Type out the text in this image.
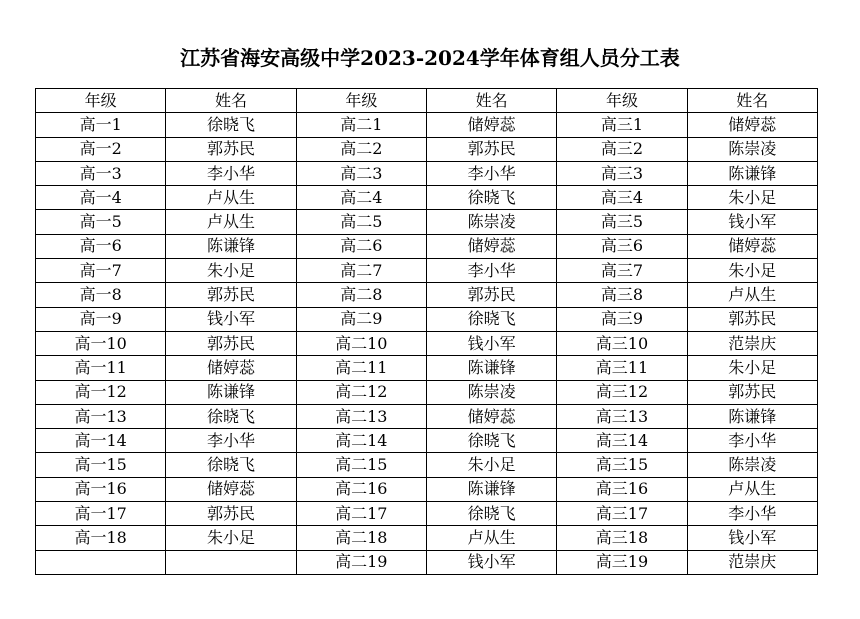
江苏省海安高级中学2023-2024学年体育组人员分工表
年级	姓名	年级	姓名	年级	姓名
高一1	徐晓飞	高二1	储婷蕊	高三1	储婷蕊
高一2	郭苏民	高二2	郭苏民	高三2	陈崇凌
高一3	李小华	高二3	李小华	高三3	陈谦锋
高一4	卢从生	高二4	徐晓飞	高三4	朱小足
高一5	卢从生	高二5	陈崇凌	高三5	钱小军
高一6	陈谦锋	高二6	储婷蕊	高三6	储婷蕊
高一7	朱小足	高二7	李小华	高三7	朱小足
高一8	郭苏民	高二8	郭苏民	高三8	卢从生
高一9	钱小军	高二9	徐晓飞	高三9	郭苏民
高一10	郭苏民	高二10	钱小军	高三10	范崇庆
高一11	储婷蕊	高二11	陈谦锋	高三11	朱小足
高一12	陈谦锋	高二12	陈崇凌	高三12	郭苏民
高一13	徐晓飞	高二13	储婷蕊	高三13	陈谦锋
高一14	李小华	高二14	徐晓飞	高三14	李小华
高一15	徐晓飞	高二15	朱小足	高三15	陈崇凌
高一16	储婷蕊	高二16	陈谦锋	高三16	卢从生
高一17	郭苏民	高二17	徐晓飞	高三17	李小华
高一18	朱小足	高二18	卢从生	高三18	钱小军
		高二19	钱小军	高三19	范崇庆
